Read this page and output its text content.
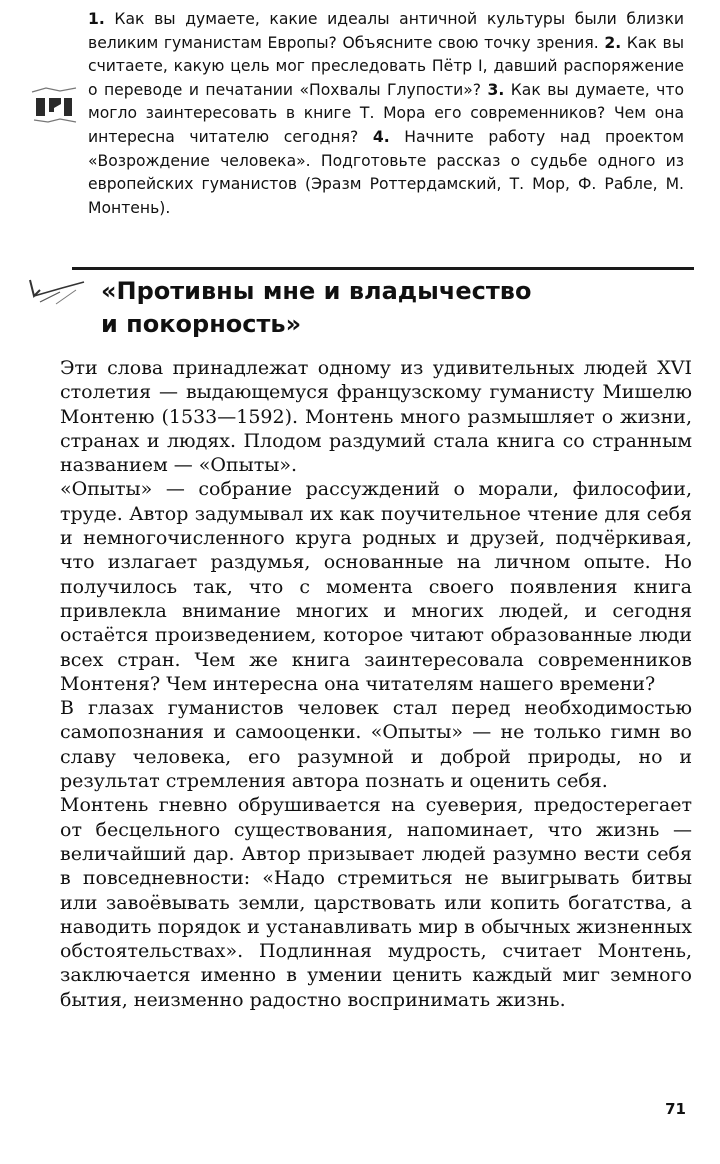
1. Как вы думаете, какие идеалы античной культуры были близки великим гуманистам Европы? Объясните свою точку зрения. 2. Как вы считаете, какую цель мог преследовать Пётр I, давший распоряжение о переводе и печатании «Похвалы Глупости»? 3. Как вы думаете, что могло заинтересовать в книге Т. Мора его современников? Чем она интересна читателю сегодня? 4. Начните работу над проектом «Возрождение человека». Подготовьте рассказ о судьбе одного из европейских гуманистов (Эразм Роттердамский, Т. Мор, Ф. Рабле, М. Монтень).
«Противны мне и владычество
и покорность»

Эти слова принадлежат одному из удивительных людей XVI столетия — выдающемуся французскому гуманисту Мишелю Монтеню (1533—1592). Монтень много размышляет о жизни, странах и людях. Плодом раздумий стала книга со странным названием — «Опыты».

«Опыты» — собрание рассуждений о морали, философии, труде. Автор задумывал их как поучительное чтение для себя и немногочисленного круга родных и друзей, подчёркивая, что излагает раздумья, основанные на личном опыте. Но получилось так, что с момента своего появления книга привлекла внимание многих и многих людей, и сегодня остаётся произведением, которое читают образованные люди всех стран. Чем же книга заинтересовала современников Монтеня? Чем интересна она читателям нашего времени?

В глазах гуманистов человек стал перед необходимостью самопознания и самооценки. «Опыты» — не только гимн во славу человека, его разумной и доброй природы, но и результат стремления автора познать и оценить себя.

Монтень гневно обрушивается на суеверия, предостерегает от бесцельного существования, напоминает, что жизнь — величайший дар. Автор призывает людей разумно вести себя в повседневности: «Надо стремиться не выигрывать битвы или завоёвывать земли, царствовать или копить богатства, а наводить порядок и устанавливать мир в обычных жизненных обстоятельствах». Подлинная мудрость, считает Монтень, заключается именно в умении ценить каждый миг земного бытия, неизменно радостно воспринимать жизнь.

71
